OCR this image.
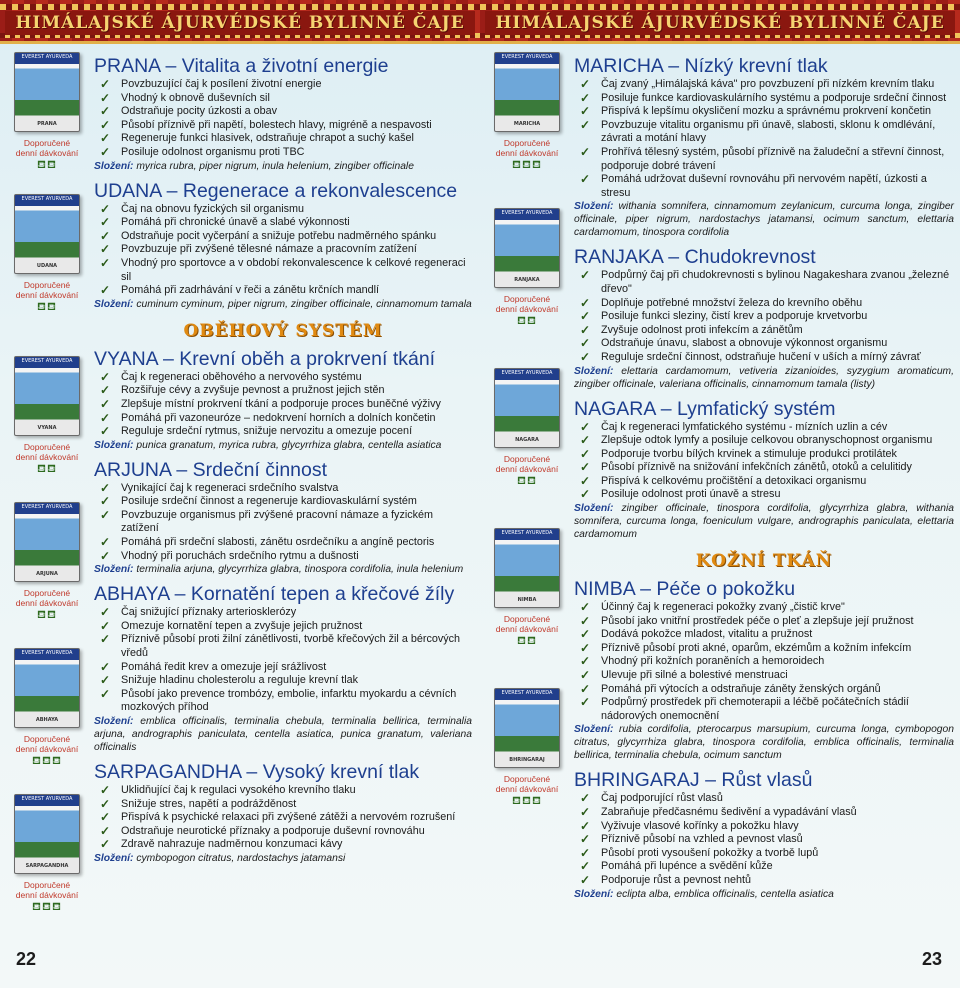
HIMÁLAJSKÉ ÁJURVÉDSKÉ BYLINNÉ ČAJE
EVEREST AYURVEDA
PRANA
Doporučené denní dávkování
⛾⛾
EVEREST AYURVEDA
UDANA
Doporučené denní dávkování
⛾⛾
EVEREST AYURVEDA
VYANA
Doporučené denní dávkování
⛾⛾
EVEREST AYURVEDA
ARJUNA
Doporučené denní dávkování
⛾⛾
EVEREST AYURVEDA
ABHAYA
Doporučené denní dávkování
⛾⛾⛾
EVEREST AYURVEDA
SARPAGANDHA
Doporučené denní dávkování
⛾⛾⛾
PRANA – Vitalita a životní energie
✓ Povzbuzující čaj k posílení životní energie
✓ Vhodný k obnově duševních sil
✓ Odstraňuje pocity úzkosti a obav
✓ Působí příznivě při napětí, bolestech hlavy, migréně a nespavosti
✓ Regeneruje funkci hlasivek, odstraňuje chrapot a suchý kašel
✓ Posiluje odolnost organismu proti TBC
Složení: myrica rubra, piper nigrum, inula helenium, zingiber officinale
UDANA – Regenerace a rekonvalescence
✓ Čaj na obnovu fyzických sil organismu
✓ Pomáhá při chronické únavě a slabé výkonnosti
✓ Odstraňuje pocit vyčerpání a snižuje potřebu nadměrného spánku
✓ Povzbuzuje při zvýšené tělesné námaze a pracovním zatížení
✓ Vhodný pro sportovce a v období rekonvalescence k celkové regeneraci sil
✓ Pomáhá při zadrhávání v řeči a zánětu krčních mandlí
Složení: cuminum cyminum, piper nigrum, zingiber officinale, cinnamomum tamala
OBĚHOVÝ SYSTÉM
VYANA – Krevní oběh a prokrvení tkání
✓ Čaj k regeneraci oběhového a nervového systému
✓ Rozšiřuje cévy a zvyšuje pevnost a pružnost jejich stěn
✓ Zlepšuje místní prokrvení tkání a podporuje proces buněčné výživy
✓ Pomáhá při vazoneuróze – nedokrvení horních a dolních končetin
✓ Reguluje srdeční rytmus, snižuje nervozitu a omezuje pocení
Složení: punica granatum, myrica rubra, glycyrrhiza glabra, centella asiatica
ARJUNA – Srdeční činnost
✓ Vynikající čaj k regeneraci srdečního svalstva
✓ Posiluje srdeční činnost a regeneruje kardiovaskulární systém
✓ Povzbuzuje organismus při zvýšené pracovní námaze a fyzickém zatížení
✓ Pomáhá při srdeční slabosti, zánětu osrdečníku a angíně pectoris
✓ Vhodný při poruchách srdečního rytmu a dušnosti
Složení: terminalia arjuna, glycyrrhiza glabra, tinospora cordifolia, inula helenium
ABHAYA – Kornatění tepen a křečové žíly
✓ Čaj snižující příznaky arteriosklerózy
✓ Omezuje kornatění tepen a zvyšuje jejich pružnost
✓ Příznivě působí proti žilní zánětlivosti, tvorbě křečových žil a bércových vředů
✓ Pomáhá ředit krev a omezuje její srážlivost
✓ Snižuje hladinu cholesterolu a reguluje krevní tlak
✓ Působí jako prevence trombózy, embolie, infarktu myokardu a cévních mozkových příhod
Složení: emblica officinalis, terminalia chebula, terminalia bellirica, terminalia arjuna, andrographis paniculata, centella asiatica, punica granatum, valeriana officinalis
SARPAGANDHA – Vysoký krevní tlak
✓ Uklidňující čaj k regulaci vysokého krevního tlaku
✓ Snižuje stres, napětí a podrážděnost
✓ Přispívá k psychické relaxaci při zvýšené zátěži a nervovém rozrušení
✓ Odstraňuje neurotické příznaky a podporuje duševní rovnováhu
✓ Zdravě nahrazuje nadměrnou konzumaci kávy
Složení: cymbopogon citratus, nardostachys jatamansi
22
HIMÁLAJSKÉ ÁJURVÉDSKÉ BYLINNÉ ČAJE
EVEREST AYURVEDA
MARICHA
Doporučené denní dávkování
⛾⛾⛾
EVEREST AYURVEDA
RANJAKA
Doporučené denní dávkování
⛾⛾
EVEREST AYURVEDA
NAGARA
Doporučené denní dávkování
⛾⛾
EVEREST AYURVEDA
NIMBA
Doporučené denní dávkování
⛾⛾
EVEREST AYURVEDA
BHRINGARAJ
Doporučené denní dávkování
⛾⛾⛾
MARICHA – Nízký krevní tlak
✓ Čaj zvaný „Himálajská káva" pro povzbuzení při nízkém krevním tlaku
✓ Posiluje funkce kardiovaskulárního systému a podporuje srdeční činnost
✓ Přispívá k lepšímu okysličení mozku a správnému prokrvení končetin
✓ Povzbuzuje vitalitu organismu při únavě, slabosti, sklonu k omdlévání, závrati a motání hlavy
✓ Prohřívá tělesný systém, působí příznivě na žaludeční a střevní činnost, podporuje dobré trávení
✓ Pomáhá udržovat duševní rovnováhu při nervovém napětí, úzkosti a stresu
Složení: withania somnifera, cinnamomum zeylanicum, curcuma longa, zingiber officinale, piper nigrum, nardostachys jatamansi, ocimum sanctum, elettaria cardamomum, tinospora cordifolia
RANJAKA – Chudokrevnost
✓ Podpůrný čaj při chudokrevnosti s bylinou Nagakeshara zvanou „železné dřevo"
✓ Doplňuje potřebné množství železa do krevního oběhu
✓ Posiluje funkci sleziny, čistí krev a podporuje krvetvorbu
✓ Zvyšuje odolnost proti infekcím a zánětům
✓ Odstraňuje únavu, slabost a obnovuje výkonnost organismu
✓ Reguluje srdeční činnost, odstraňuje hučení v uších a mírný závrať
Složení: elettaria cardamomum, vetiveria zizanioides, syzygium aromaticum, zingiber officinale, valeriana officinalis, cinnamomum tamala (listy)
NAGARA – Lymfatický systém
✓ Čaj k regeneraci lymfatického systému - mízních uzlin a cév
✓ Zlepšuje odtok lymfy a posiluje celkovou obranyschopnost organismu
✓ Podporuje tvorbu bílých krvinek a stimuluje produkci protilátek
✓ Působí příznivě na snižování infekčních zánětů, otoků a celulitidy
✓ Přispívá k celkovému pročištění a detoxikaci organismu
✓ Posiluje odolnost proti únavě a stresu
Složení: zingiber officinale, tinospora cordifolia, glycyrrhiza glabra, withania somnifera, curcuma longa, foeniculum vulgare, andrographis paniculata, elettaria cardamomum
KOŽNÍ TKÁŇ
NIMBA – Péče o pokožku
✓ Účinný čaj k regeneraci pokožky zvaný „čistič krve"
✓ Působí jako vnitřní prostředek péče o pleť a zlepšuje její pružnost
✓ Dodává pokožce mladost, vitalitu a pružnost
✓ Příznivě působí proti akné, oparům, ekzémům a kožním infekcím
✓ Vhodný při kožních poraněních a hemoroidech
✓ Ulevuje při silné a bolestivé menstruaci
✓ Pomáhá při výtocích a odstraňuje záněty ženských orgánů
✓ Podpůrný prostředek při chemoterapii a léčbě počátečních stádií nádorových onemocnění
Složení: rubia cordifolia, pterocarpus marsupium, curcuma longa, cymbopogon citratus, glycyrrhiza glabra, tinospora cordifolia, emblica officinalis, terminalia bellirica, terminalia chebula, ocimum sanctum
BHRINGARAJ – Růst vlasů
✓ Čaj podporující růst vlasů
✓ Zabraňuje předčasnému šedivění a vypadávání vlasů
✓ Vyživuje vlasové kořínky a pokožku hlavy
✓ Příznivě působí na vzhled a pevnost vlasů
✓ Působí proti vysoušení pokožky a tvorbě lupů
✓ Pomáhá při lupénce a svědění kůže
✓ Podporuje růst a pevnost nehtů
Složení: eclipta alba, emblica officinalis, centella asiatica
23
